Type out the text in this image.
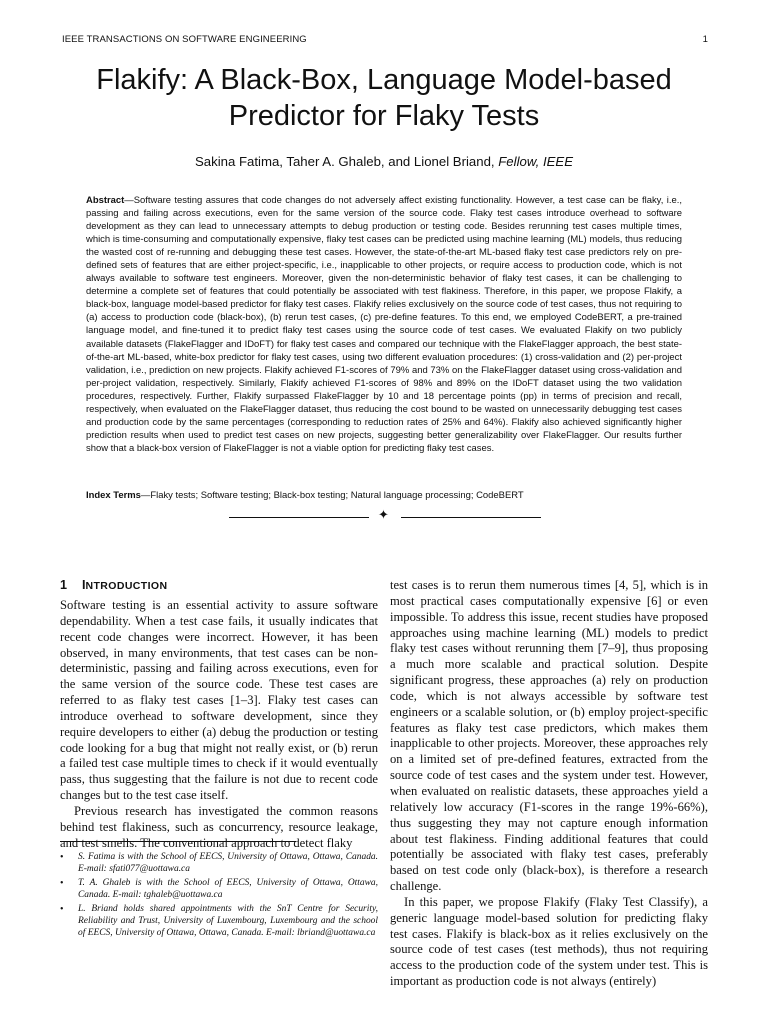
IEEE TRANSACTIONS ON SOFTWARE ENGINEERING	1
Flakify: A Black-Box, Language Model-based Predictor for Flaky Tests
Sakina Fatima, Taher A. Ghaleb, and Lionel Briand, Fellow, IEEE

Abstract—Software testing assures that code changes do not adversely affect existing functionality. However, a test case can be flaky, i.e., passing and failing across executions, even for the same version of the source code. Flaky test cases introduce overhead to software development as they can lead to unnecessary attempts to debug production or testing code. Besides rerunning test cases multiple times, which is time-consuming and computationally expensive, flaky test cases can be predicted using machine learning (ML) models, thus reducing the wasted cost of re-running and debugging these test cases. However, the state-of-the-art ML-based flaky test case predictors rely on pre-defined sets of features that are either project-specific, i.e., inapplicable to other projects, or require access to production code, which is not always available to software test engineers. Moreover, given the non-deterministic behavior of flaky test cases, it can be challenging to determine a complete set of features that could potentially be associated with test flakiness. Therefore, in this paper, we propose Flakify, a black-box, language model-based predictor for flaky test cases. Flakify relies exclusively on the source code of test cases, thus not requiring to (a) access to production code (black-box), (b) rerun test cases, (c) pre-define features. To this end, we employed CodeBERT, a pre-trained language model, and fine-tuned it to predict flaky test cases using the source code of test cases. We evaluated Flakify on two publicly available datasets (FlakeFlagger and IDoFT) for flaky test cases and compared our technique with the FlakeFlagger approach, the best state-of-the-art ML-based, white-box predictor for flaky test cases, using two different evaluation procedures: (1) cross-validation and (2) per-project validation, i.e., prediction on new projects. Flakify achieved F1-scores of 79% and 73% on the FlakeFlagger dataset using cross-validation and per-project validation, respectively. Similarly, Flakify achieved F1-scores of 98% and 89% on the IDoFT dataset using the two validation procedures, respectively. Further, Flakify surpassed FlakeFlagger by 10 and 18 percentage points (pp) in terms of precision and recall, respectively, when evaluated on the FlakeFlagger dataset, thus reducing the cost bound to be wasted on unnecessarily debugging test cases and production code by the same percentages (corresponding to reduction rates of 25% and 64%). Flakify also achieved significantly higher prediction results when used to predict test cases on new projects, suggesting better generalizability over FlakeFlagger. Our results further show that a black-box version of FlakeFlagger is not a viable option for predicting flaky test cases.

Index Terms—Flaky tests; Software testing; Black-box testing; Natural language processing; CodeBERT
✦
1 INTRODUCTION

Software testing is an essential activity to assure software dependability. When a test case fails, it usually indicates that recent code changes were incorrect. However, it has been observed, in many environments, that test cases can be non-deterministic, passing and failing across executions, even for the same version of the source code. These test cases are referred to as flaky test cases [1–3]. Flaky test cases can introduce overhead to software development, since they require developers to either (a) debug the production or testing code looking for a bug that might not really exist, or (b) rerun a failed test case multiple times to check if it would eventually pass, thus suggesting that the failure is not due to recent code changes but to the test case itself.

Previous research has investigated the common reasons behind test flakiness, such as concurrency, resource leakage, and test smells. The conventional approach to detect flaky

• S. Fatima is with the School of EECS, University of Ottawa, Ottawa, Canada. E-mail: sfati077@uottawa.ca
• T. A. Ghaleb is with the School of EECS, University of Ottawa, Ottawa, Canada. E-mail: tghaleb@uottawa.ca
• L. Briand holds shared appointments with the SnT Centre for Security, Reliability and Trust, University of Luxembourg, Luxembourg and the school of EECS, University of Ottawa, Ottawa, Canada. E-mail: lbriand@uottawa.ca

test cases is to rerun them numerous times [4, 5], which is in most practical cases computationally expensive [6] or even impossible. To address this issue, recent studies have proposed approaches using machine learning (ML) models to predict flaky test cases without rerunning them [7–9], thus proposing a much more scalable and practical solution. Despite significant progress, these approaches (a) rely on production code, which is not always accessible by software test engineers or a scalable solution, or (b) employ project-specific features as flaky test case predictors, which makes them inapplicable to other projects. Moreover, these approaches rely on a limited set of pre-defined features, extracted from the source code of test cases and the system under test. However, when evaluated on realistic datasets, these approaches yield a relatively low accuracy (F1-scores in the range 19%-66%), thus suggesting they may not capture enough information about test flakiness. Finding additional features that could potentially be associated with flaky test cases, preferably based on test code only (black-box), is therefore a research challenge.

In this paper, we propose Flakify (Flaky Test Classify), a generic language model-based solution for predicting flaky test cases. Flakify is black-box as it relies exclusively on the source code of test cases (test methods), thus not requiring access to the production code of the system under test. This is important as production code is not always (entirely)
